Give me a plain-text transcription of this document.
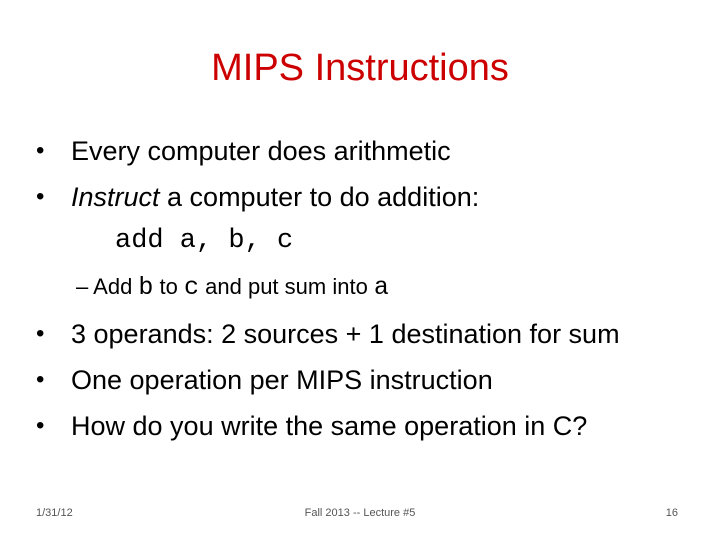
MIPS Instructions
• Every computer does arithmetic
• Instruct a computer to do addition:
add a, b, c
– Add b to c and put sum into a
• 3 operands: 2 sources + 1 destination for sum
• One operation per MIPS instruction
• How do you write the same operation in C?
1/31/12	Fall 2013 -- Lecture #5	16
